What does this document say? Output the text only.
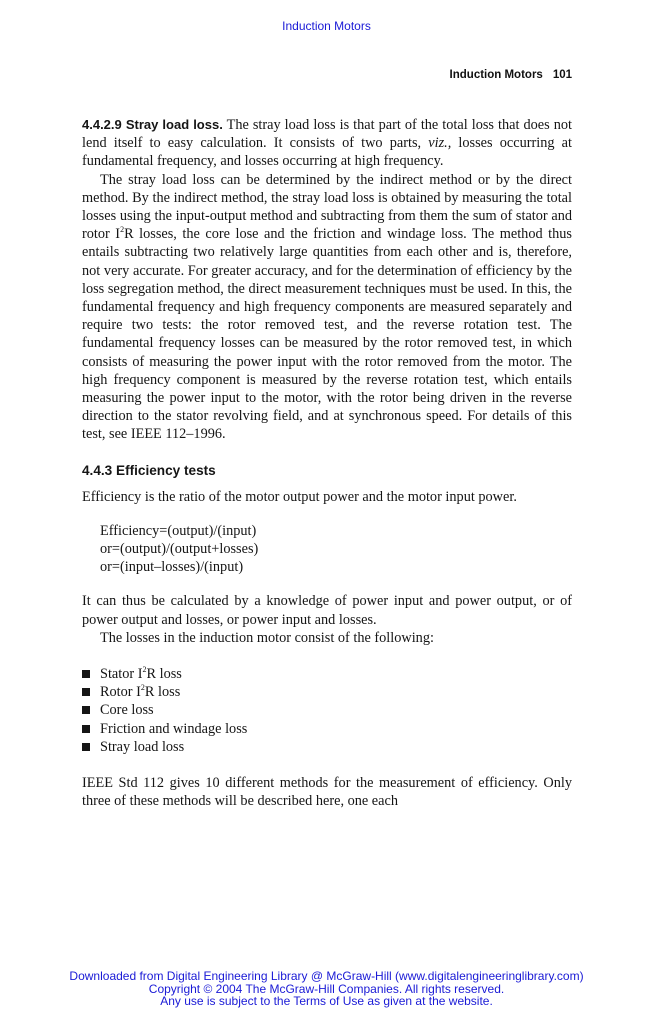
Induction Motors
Induction Motors 101

4.4.2.9 Stray load loss. The stray load loss is that part of the total loss that does not lend itself to easy calculation. It consists of two parts, viz., losses occurring at fundamental frequency, and losses occurring at high frequency.

The stray load loss can be determined by the indirect method or by the direct method. By the indirect method, the stray load loss is obtained by measuring the total losses using the input-output method and subtracting from them the sum of stator and rotor $I^2R$ losses, the core lose and the friction and windage loss. The method thus entails subtracting two relatively large quantities from each other and is, therefore, not very accurate. For greater accuracy, and for the determination of efficiency by the loss segregation method, the direct measurement techniques must be used. In this, the fundamental frequency and high frequency components are measured separately and require two tests: the rotor removed test, and the reverse rotation test. The fundamental frequency losses can be measured by the rotor removed test, in which consists of measuring the power input with the rotor removed from the motor. The high frequency component is measured by the reverse rotation test, which entails measuring the power input to the motor, with the rotor being driven in the reverse direction to the stator revolving field, and at synchronous speed. For details of this test, see IEEE 112–1996.

4.4.3 Efficiency tests

Efficiency is the ratio of the motor output power and the motor input power.

Efficiency=(output)/(input)
or=(output)/(output+losses)
or=(input–losses)/(input)

It can thus be calculated by a knowledge of power input and power output, or of power output and losses, or power input and losses.

The losses in the induction motor consist of the following:

Stator $I^2R$ loss
Rotor $I^2R$ loss
Core loss
Friction and windage loss
Stray load loss

IEEE Std 112 gives 10 different methods for the measurement of efficiency. Only three of these methods will be described here, one each

Downloaded from Digital Engineering Library @ McGraw-Hill (www.digitalengineeringlibrary.com)
Copyright © 2004 The McGraw-Hill Companies. All rights reserved.
Any use is subject to the Terms of Use as given at the website.
